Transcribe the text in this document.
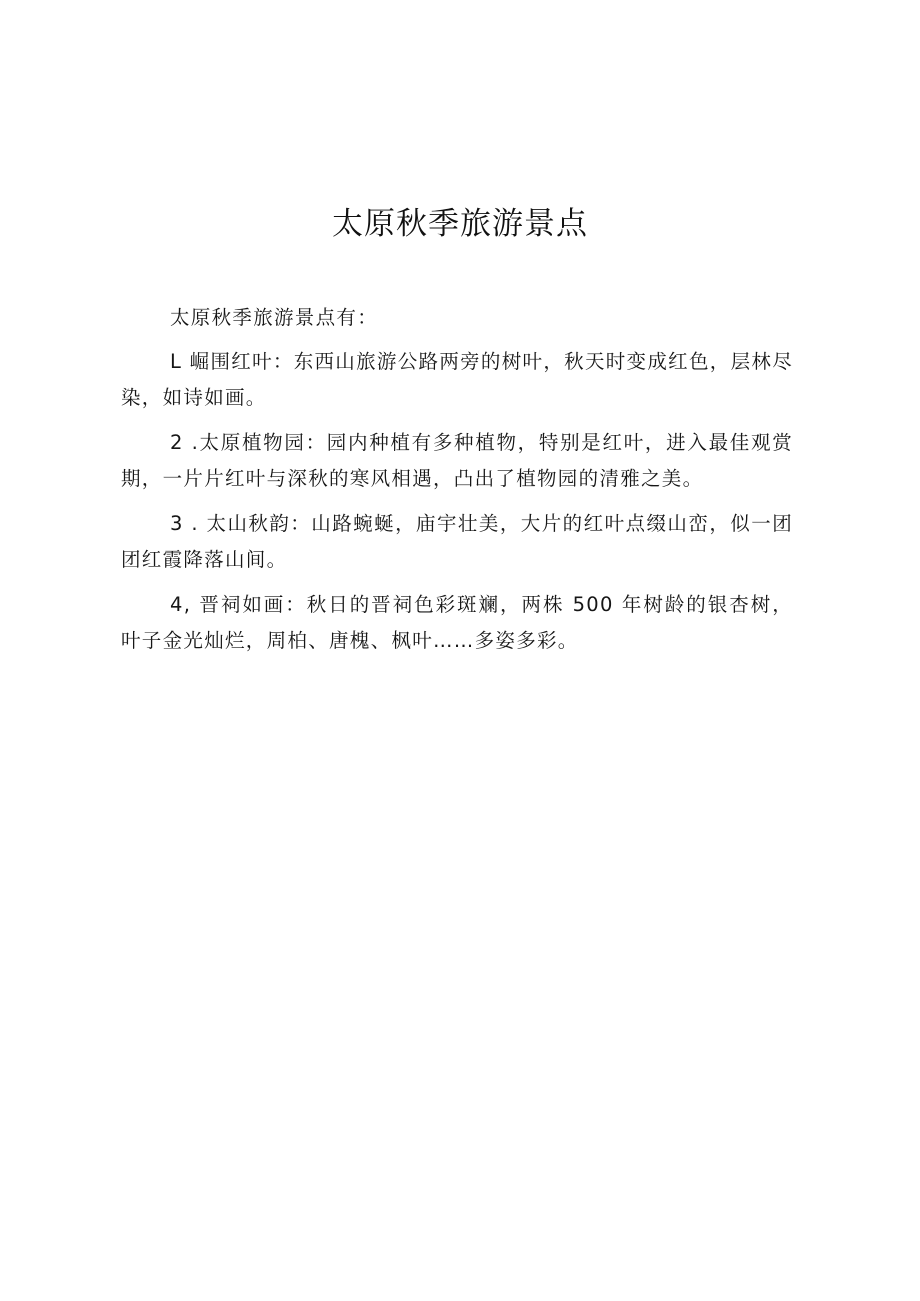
太原秋季旅游景点

太原秋季旅游景点有：

L 崛围红叶：东西山旅游公路两旁的树叶，秋天时变成红色，层林尽染，如诗如画。

2 .太原植物园：园内种植有多种植物，特别是红叶，进入最佳观赏期，一片片红叶与深秋的寒风相遇，凸出了植物园的清雅之美。

3 . 太山秋韵：山路蜿蜒，庙宇壮美，大片的红叶点缀山峦，似一团团红霞降落山间。

4, 晋祠如画：秋日的晋祠色彩斑斓，两株 500 年树龄的银杏树，叶子金光灿烂，周柏、唐槐、枫叶……多姿多彩。
